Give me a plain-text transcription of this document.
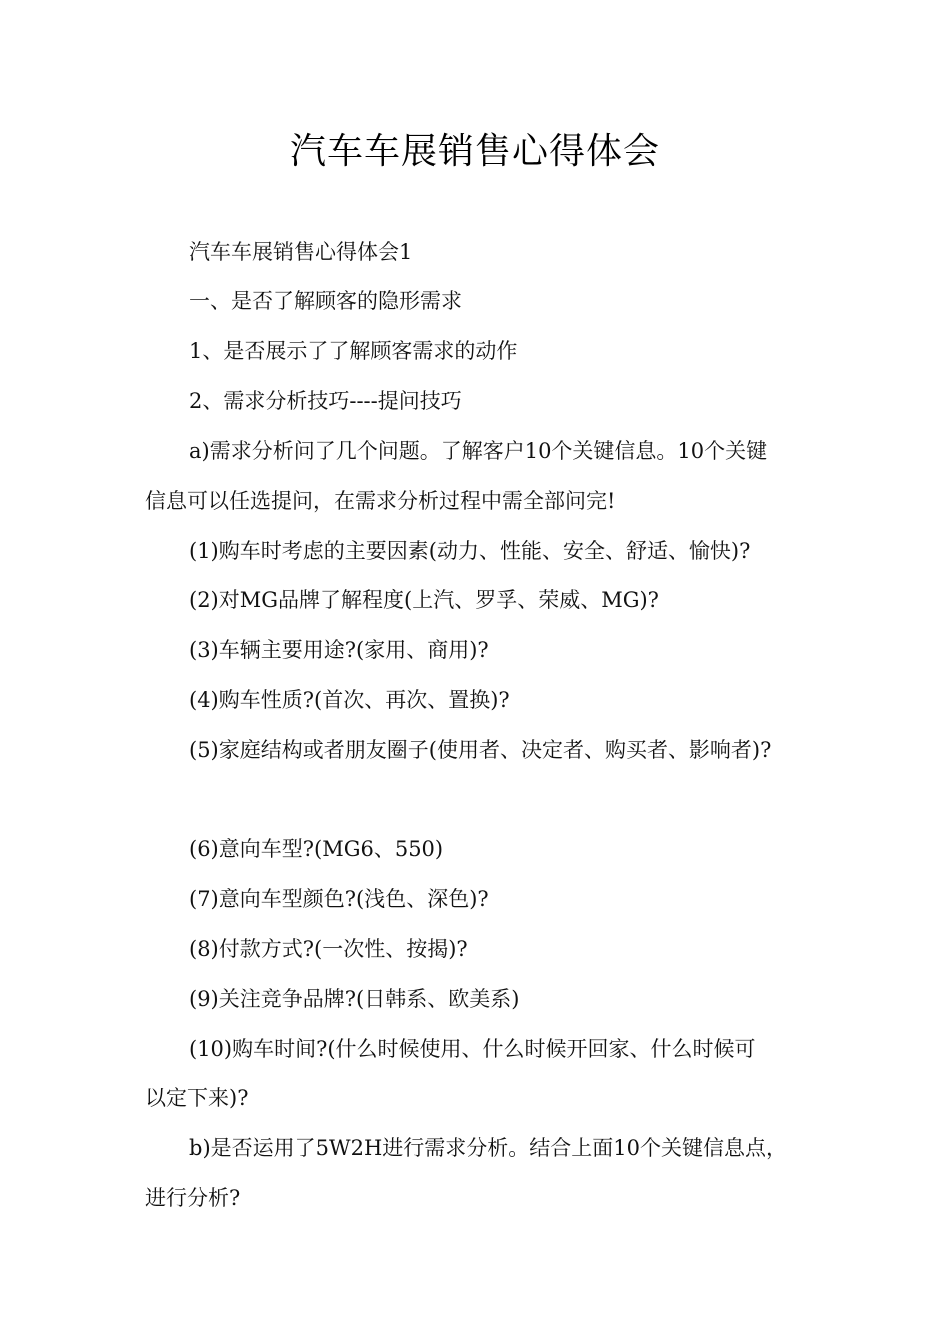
汽车车展销售心得体会

汽车车展销售心得体会1

一、是否了解顾客的隐形需求

1、是否展示了了解顾客需求的动作

2、需求分析技巧----提问技巧

a)需求分析问了几个问题。了解客户10个关键信息。10个关键

信息可以任选提问，在需求分析过程中需全部问完!

(1)购车时考虑的主要因素(动力、性能、安全、舒适、愉快)?

(2)对MG品牌了解程度(上汽、罗孚、荣威、MG)?

(3)车辆主要用途?(家用、商用)?

(4)购车性质?(首次、再次、置换)?

(5)家庭结构或者朋友圈子(使用者、决定者、购买者、影响者)?

(6)意向车型?(MG6、550)

(7)意向车型颜色?(浅色、深色)?

(8)付款方式?(一次性、按揭)?

(9)关注竞争品牌?(日韩系、欧美系)

(10)购车时间?(什么时候使用、什么时候开回家、什么时候可

以定下来)?

b)是否运用了5W2H进行需求分析。结合上面10个关键信息点，

进行分析?
